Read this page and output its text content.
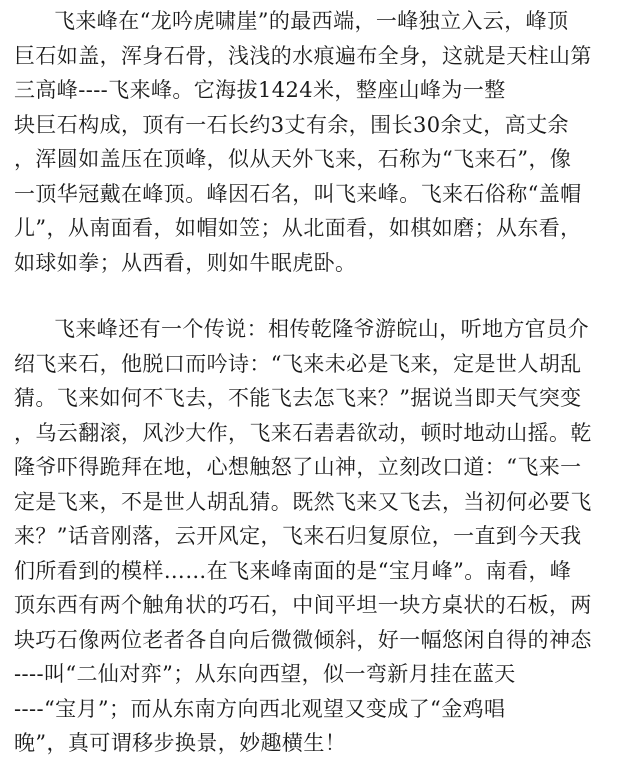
飞来峰在“龙吟虎啸崖”的最西端，一峰独立入云，峰顶
巨石如盖，浑身石骨，浅浅的水痕遍布全身，这就是天柱山第
三高峰----飞来峰。它海拔1424米，整座山峰为一整
块巨石构成，顶有一石长约3丈有余，围长30余丈，高丈余
，浑圆如盖压在顶峰，似从天外飞来，石称为“飞来石”，像
一顶华冠戴在峰顶。峰因石名，叫飞来峰。飞来石俗称“盖帽
儿”，从南面看，如帽如笠；从北面看，如棋如磨；从东看，
如球如拳；从西看，则如牛眠虎卧。
飞来峰还有一个传说：相传乾隆爷游皖山，听地方官员介
绍飞来石，他脱口而吟诗：“飞来未必是飞来，定是世人胡乱
猜。飞来如何不飞去，不能飞去怎飞来？”据说当即天气突变
，乌云翻滚，风沙大作，飞来石砉砉欲动，顿时地动山摇。乾
隆爷吓得跪拜在地，心想触怒了山神，立刻改口道：“飞来一
定是飞来，不是世人胡乱猜。既然飞来又飞去，当初何必要飞
来？”话音刚落，云开风定，飞来石归复原位，一直到今天我
们所看到的模样……在飞来峰南面的是“宝月峰”。南看，峰
顶东西有两个触角状的巧石，中间平坦一块方桌状的石板，两
块巧石像两位老者各自向后微微倾斜，好一幅悠闲自得的神态
----叫“二仙对弈”；从东向西望，似一弯新月挂在蓝天
----“宝月”；而从东南方向西北观望又变成了“金鸡唱
晚”，真可谓移步换景，妙趣横生！
